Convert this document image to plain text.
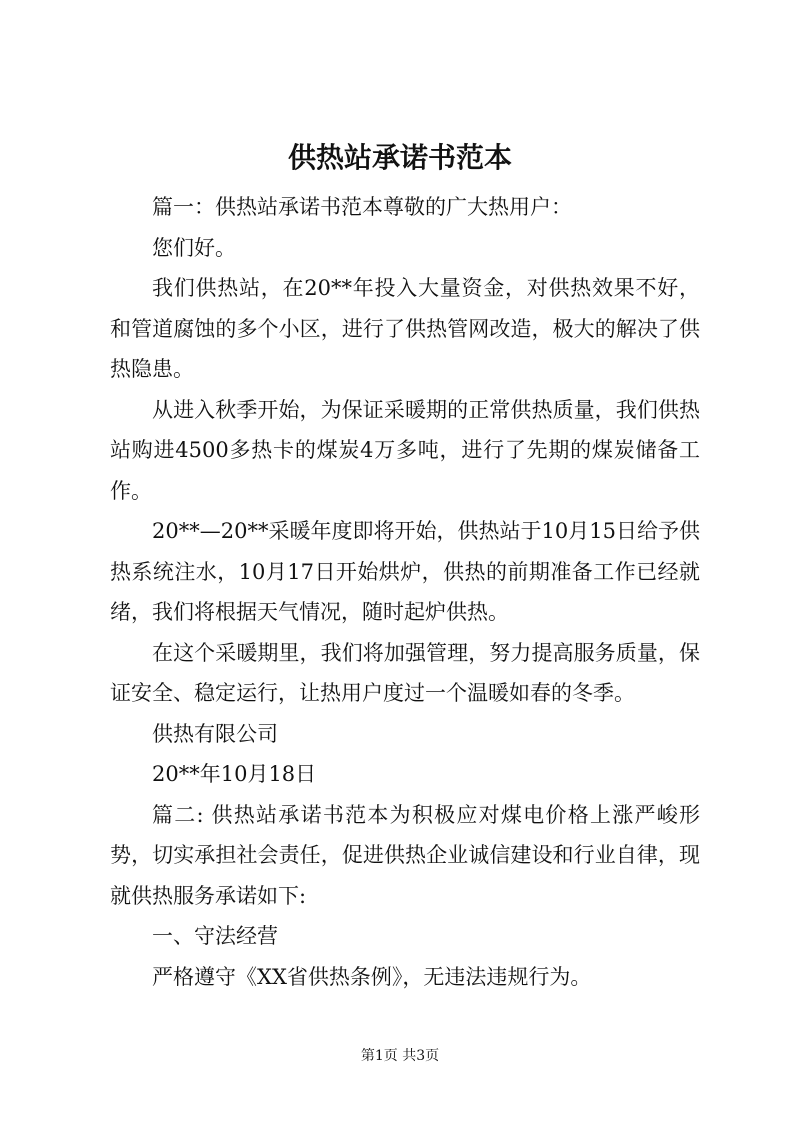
供热站承诺书范本

篇一：供热站承诺书范本尊敬的广大热用户：

您们好。

我们供热站，在20**年投入大量资金，对供热效果不好，和管道腐蚀的多个小区，进行了供热管网改造，极大的解决了供热隐患。

从进入秋季开始，为保证采暖期的正常供热质量，我们供热站购进4500多热卡的煤炭4万多吨，进行了先期的煤炭储备工作。

20**—20**采暖年度即将开始，供热站于10月15日给予供热系统注水，10月17日开始烘炉，供热的前期准备工作已经就绪，我们将根据天气情况，随时起炉供热。

在这个采暖期里，我们将加强管理，努力提高服务质量，保证安全、稳定运行，让热用户度过一个温暖如春的冬季。

供热有限公司

20**年10月18日

篇二: 供热站承诺书范本为积极应对煤电价格上涨严峻形势，切实承担社会责任，促进供热企业诚信建设和行业自律，现就供热服务承诺如下:

一、守法经营

严格遵守《XX省供热条例》，无违法违规行为。

第1页 共3页
